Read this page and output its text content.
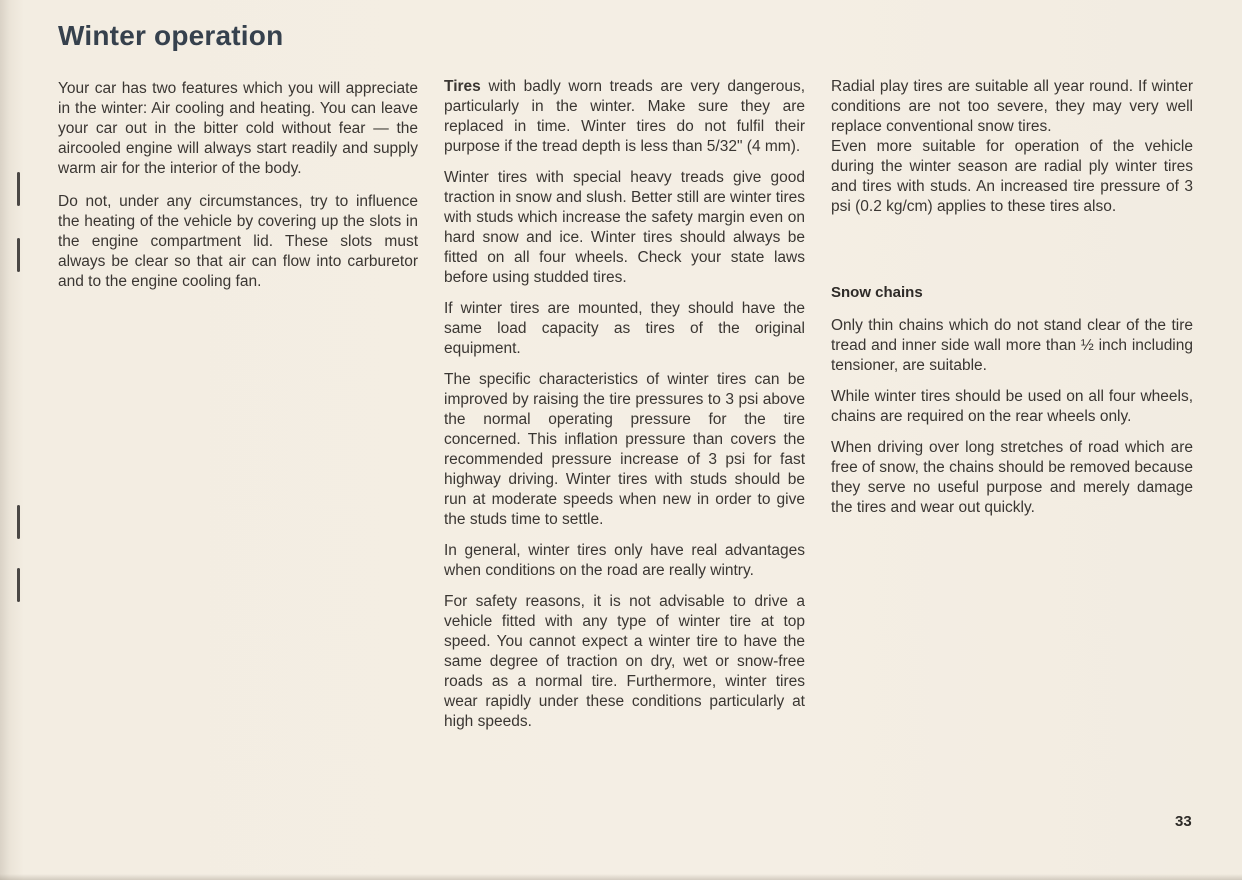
Winter operation

Your car has two features which you will appreciate in the winter: Air cooling and heating. You can leave your car out in the bitter cold without fear — the aircooled engine will always start readily and supply warm air for the interior of the body.

Do not, under any circumstances, try to influence the heating of the vehicle by covering up the slots in the engine compartment lid. These slots must always be clear so that air can flow into carburetor and to the engine cooling fan.

Tires with badly worn treads are very dangerous, particularly in the winter. Make sure they are replaced in time. Winter tires do not fulfil their purpose if the tread depth is less than 5/32" (4 mm).

Winter tires with special heavy treads give good traction in snow and slush. Better still are winter tires with studs which increase the safety margin even on hard snow and ice. Winter tires should always be fitted on all four wheels. Check your state laws before using studded tires.

If winter tires are mounted, they should have the same load capacity as tires of the original equipment.

The specific characteristics of winter tires can be improved by raising the tire pressures to 3 psi above the normal operating pressure for the tire concerned. This inflation pressure than covers the recommended pressure increase of 3 psi for fast highway driving. Winter tires with studs should be run at moderate speeds when new in order to give the studs time to settle.

In general, winter tires only have real advantages when conditions on the road are really wintry.

For safety reasons, it is not advisable to drive a vehicle fitted with any type of winter tire at top speed. You cannot expect a winter tire to have the same degree of traction on dry, wet or snow-free roads as a normal tire. Furthermore, winter tires wear rapidly under these conditions particularly at high speeds.

Radial play tires are suitable all year round. If winter conditions are not too severe, they may very well replace conventional snow tires.

Even more suitable for operation of the vehicle during the winter season are radial ply winter tires and tires with studs. An increased tire pressure of 3 psi (0.2 kg/cm) applies to these tires also.

Snow chains

Only thin chains which do not stand clear of the tire tread and inner side wall more than ½ inch including tensioner, are suitable.

While winter tires should be used on all four wheels, chains are required on the rear wheels only.

When driving over long stretches of road which are free of snow, the chains should be removed because they serve no useful purpose and merely damage the tires and wear out quickly.

33
